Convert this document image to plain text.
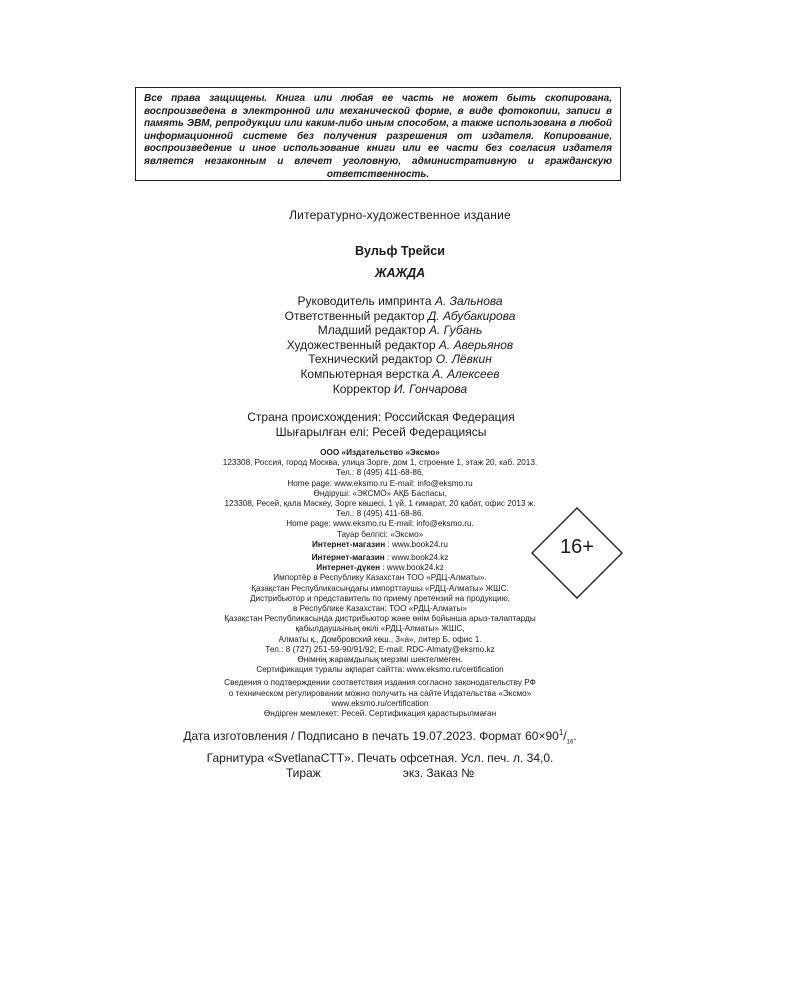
Все права защищены. Книга или любая ее часть не может быть скопирована, воспроизведена в электронной или механической форме, в виде фотокопии, записи в память ЭВМ, репродукции или каким-либо иным способом, а также использована в любой информационной системе без получения разрешения от издателя. Копирование, воспроизведение и иное использование книги или ее части без согласия издателя является незаконным и влечет уголовную, административную и гражданскую ответственность.

Литературно-художественное издание
Вульф Трейси
ЖАЖДА
Руководитель импринта А. Зальнова
Ответственный редактор Д. Абубакирова
Младший редактор А. Губань
Художественный редактор А. Аверьянов
Технический редактор О. Лёвкин
Компьютерная верстка А. Алексеев
Корректор И. Гончарова
Страна происхождения: Российская Федерация
Шығарылған елі: Ресей Федерациясы
ООО «Издательство «Эксмо»
123308, Россия, город Москва, улица Зорге, дом 1, строение 1, этаж 20, каб. 2013.
Тел.: 8 (495) 411-68-86.
Home page: www.eksmo.ru E-mail: info@eksmo.ru
Өндіруші: «ЭКСМО» АҚБ Баспасы,
123308, Ресей, қала Мәскеу, Зорге көшесі, 1 үй, 1 ғимарат, 20 қабат, офис 2013 ж.
Тел.: 8 (495) 411-68-86.
Home page: www.eksmo.ru E-mail: info@eksmo.ru.
Тауар белгісі: «Эксмо»
Интернет-магазин : www.book24.ru
Интернет-магазин : www.book24.kz
Интернет-дүкен : www.book24.kz
Импортёр в Республику Казахстан ТОО «РДЦ-Алматы».
Қазақстан Республикасындағы импорттаушы «РДЦ-Алматы» ЖШС.
Дистрибьютор и представитель по приему претензий на продукцию,
в Республике Казахстан: ТОО «РДЦ-Алматы»
Қазақстан Республикасында дистрибьютор және өнім бойынша арыз-талаптарды
қабылдаушының өкілі «РДЦ-Алматы» ЖШС,
Алматы қ., Домбровский көш., 3«а», литер Б, офис 1.
Тел.: 8 (727) 251-59-90/91/92; E-mail: RDC-Almaty@eksmo.kz
Өнімнің жарамдылық мерзімі шектелмеген.
Сертификация туралы ақпарат сайтта: www.eksmo.ru/certification
Сведения о подтверждении соответствия издания согласно законодательству РФ
о техническом регулировании можно получить на сайте Издательства «Эксмо»
www.eksmo.ru/certification
Өндірген мемлекет: Ресей. Сертификация қарастырылмаған
16+
Дата изготовления / Подписано в печать 19.07.2023. Формат $60\times 90^1/_{16}$.
Гарнитура «SvetlanaCTT». Печать офсетная. Усл. печ. л. 34,0.
Тираж	экз. Заказ №
